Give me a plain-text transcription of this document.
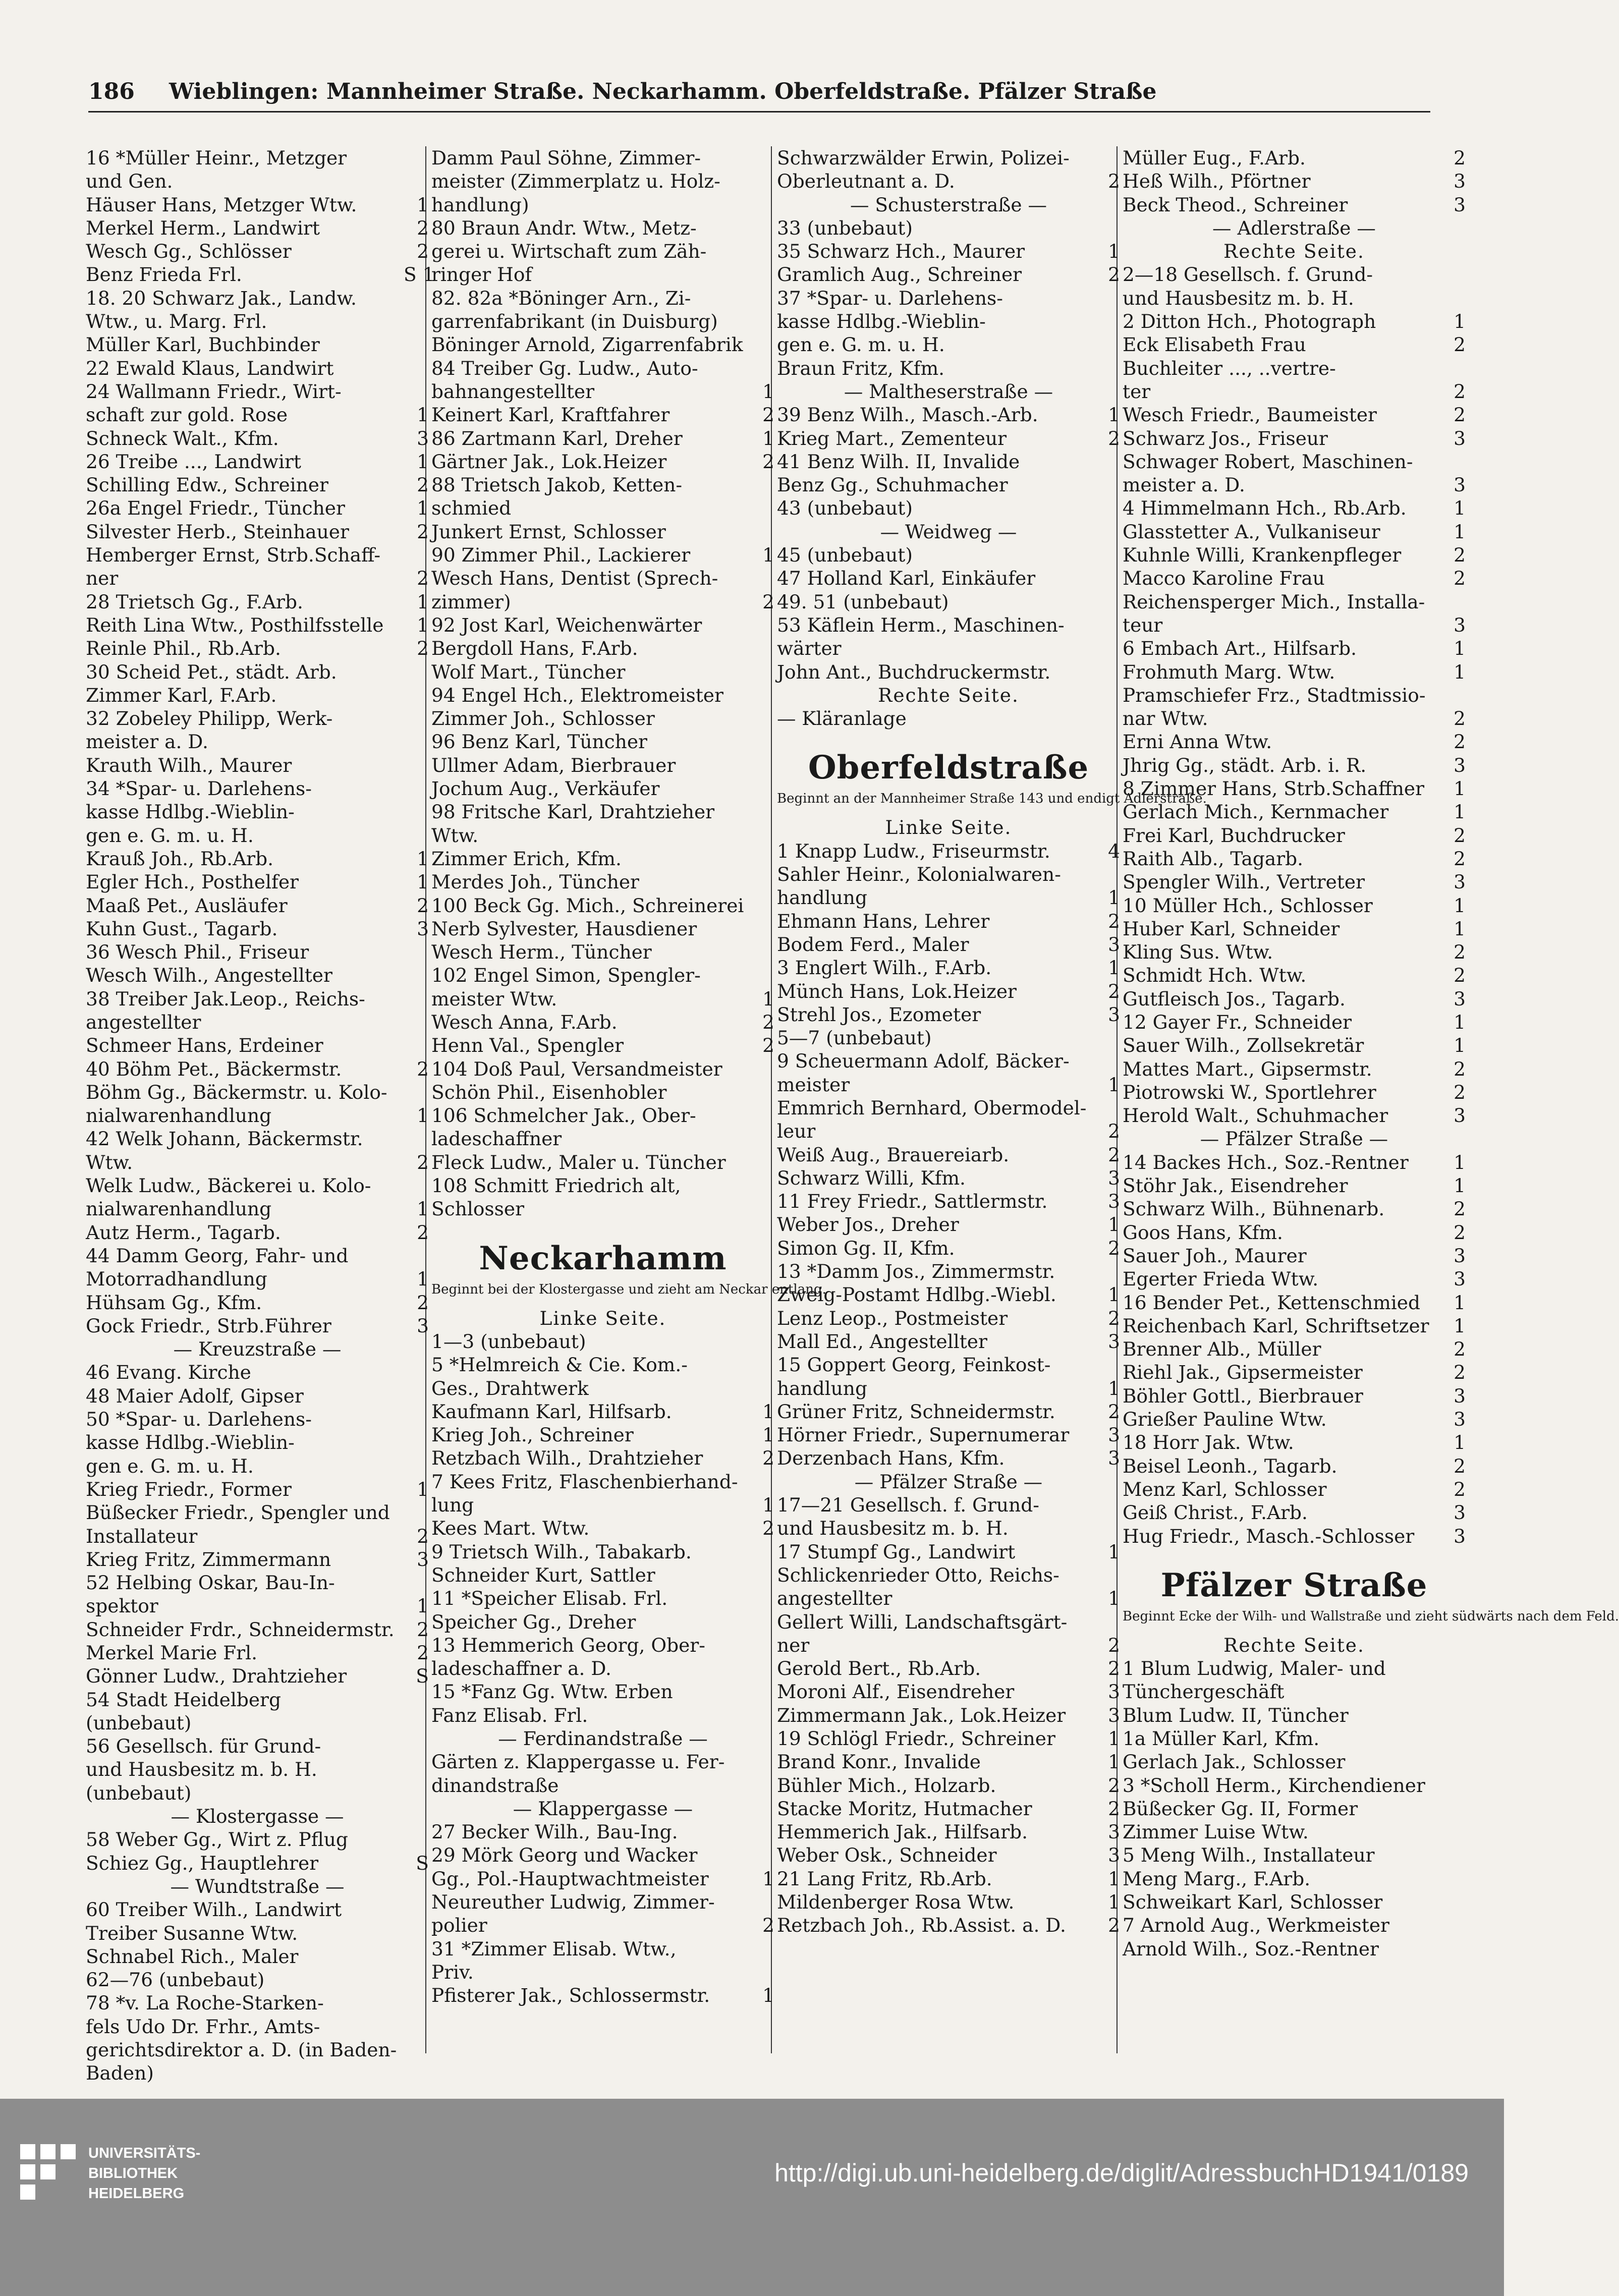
186 Wieblingen: Mannheimer Straße. Neckarhamm. Oberfeldstraße. Pfälzer Straße
16 *Müller Heinr., Metzger
und Gen.
Häuser Hans, Metzger Wtw.	1
Merkel Herm., Landwirt	2
Wesch Gg., Schlösser	2
Benz Frieda Frl.	S 1
18. 20 Schwarz Jak., Landw.
Wtw., u. Marg. Frl.
Müller Karl, Buchbinder
22 Ewald Klaus, Landwirt
24 Wallmann Friedr., Wirt-
schaft zur gold. Rose	1
Schneck Walt., Kfm.	3
26 Treibe ..., Landwirt	1
Schilling Edw., Schreiner	2
26a Engel Friedr., Tüncher	1
Silvester Herb., Steinhauer	2
Hemberger Ernst, Strb.Schaff-
ner	2
28 Trietsch Gg., F.Arb.	1
Reith Lina Wtw., Posthilfsstelle	1
Reinle Phil., Rb.Arb.	2
30 Scheid Pet., städt. Arb.
Zimmer Karl, F.Arb.
32 Zobeley Philipp, Werk-
meister a. D.
Krauth Wilh., Maurer
34 *Spar- u. Darlehens-
kasse Hdlbg.-Wieblin-
gen e. G. m. u. H.
Krauß Joh., Rb.Arb.	1
Egler Hch., Posthelfer	1
Maaß Pet., Ausläufer	2
Kuhn Gust., Tagarb.	3
36 Wesch Phil., Friseur
Wesch Wilh., Angestellter
38 Treiber Jak.Leop., Reichs-
angestellter
Schmeer Hans, Erdeiner
40 Böhm Pet., Bäckermstr.	2
Böhm Gg., Bäckermstr. u. Kolo-
nialwarenhandlung	1
42 Welk Johann, Bäckermstr.
Wtw.	2
Welk Ludw., Bäckerei u. Kolo-
nialwarenhandlung	1
Autz Herm., Tagarb.	2
44 Damm Georg, Fahr- und
Motorradhandlung	1
Hühsam Gg., Kfm.	2
Gock Friedr., Strb.Führer	3
— Kreuzstraße —
46 Evang. Kirche
48 Maier Adolf, Gipser
50 *Spar- u. Darlehens-
kasse Hdlbg.-Wieblin-
gen e. G. m. u. H.
Krieg Friedr., Former	1
Büßecker Friedr., Spengler und
Installateur	2
Krieg Fritz, Zimmermann	3
52 Helbing Oskar, Bau-In-
spektor	1
Schneider Frdr., Schneidermstr.	2
Merkel Marie Frl.	2
Gönner Ludw., Drahtzieher	S
54 Stadt Heidelberg
(unbebaut)
56 Gesellsch. für Grund-
und Hausbesitz m. b. H.
(unbebaut)
— Klostergasse —
58 Weber Gg., Wirt z. Pflug
Schiez Gg., Hauptlehrer	S
— Wundtstraße —
60 Treiber Wilh., Landwirt
Treiber Susanne Wtw.
Schnabel Rich., Maler
62—76 (unbebaut)
78 *v. La Roche-Starken-
fels Udo Dr. Frhr., Amts-
gerichtsdirektor a. D. (in Baden-
Baden)
Damm Paul Söhne, Zimmer-
meister (Zimmerplatz u. Holz-
handlung)
80 Braun Andr. Wtw., Metz-
gerei u. Wirtschaft zum Zäh-
ringer Hof
82. 82a *Böninger Arn., Zi-
garrenfabrikant (in Duisburg)
Böninger Arnold, Zigarrenfabrik
84 Treiber Gg. Ludw., Auto-
bahnangestellter	1
Keinert Karl, Kraftfahrer	2
86 Zartmann Karl, Dreher	1
Gärtner Jak., Lok.Heizer	2
88 Trietsch Jakob, Ketten-
schmied
Junkert Ernst, Schlosser
90 Zimmer Phil., Lackierer	1
Wesch Hans, Dentist (Sprech-
zimmer)	2
92 Jost Karl, Weichenwärter
Bergdoll Hans, F.Arb.
Wolf Mart., Tüncher
94 Engel Hch., Elektromeister
Zimmer Joh., Schlosser
96 Benz Karl, Tüncher
Ullmer Adam, Bierbrauer
Jochum Aug., Verkäufer
98 Fritsche Karl, Drahtzieher
Wtw.
Zimmer Erich, Kfm.
Merdes Joh., Tüncher
100 Beck Gg. Mich., Schreinerei
Nerb Sylvester, Hausdiener
Wesch Herm., Tüncher
102 Engel Simon, Spengler-
meister Wtw.	1
Wesch Anna, F.Arb.	2
Henn Val., Spengler	2
104 Doß Paul, Versandmeister
Schön Phil., Eisenhobler
106 Schmelcher Jak., Ober-
ladeschaffner
Fleck Ludw., Maler u. Tüncher
108 Schmitt Friedrich alt,
Schlosser
Neckarhamm
Beginnt bei der Klostergasse und zieht am Neckar entlang.
Linke Seite.
1—3 (unbebaut)
5 *Helmreich & Cie. Kom.-
Ges., Drahtwerk
Kaufmann Karl, Hilfsarb.	1
Krieg Joh., Schreiner	1
Retzbach Wilh., Drahtzieher	2
7 Kees Fritz, Flaschenbierhand-
lung	1
Kees Mart. Wtw.	2
9 Trietsch Wilh., Tabakarb.
Schneider Kurt, Sattler
11 *Speicher Elisab. Frl.
Speicher Gg., Dreher
13 Hemmerich Georg, Ober-
ladeschaffner a. D.
15 *Fanz Gg. Wtw. Erben
Fanz Elisab. Frl.
— Ferdinandstraße —
Gärten z. Klappergasse u. Fer-
dinandstraße
— Klappergasse —
27 Becker Wilh., Bau-Ing.
29 Mörk Georg und Wacker
Gg., Pol.-Hauptwachtmeister	1
Neureuther Ludwig, Zimmer-
polier	2
31 *Zimmer Elisab. Wtw.,
Priv.
Pfisterer Jak., Schlossermstr.	1
Schwarzwälder Erwin, Polizei-
Oberleutnant a. D.	2
— Schusterstraße —
33 (unbebaut)
35 Schwarz Hch., Maurer	1
Gramlich Aug., Schreiner	2
37 *Spar- u. Darlehens-
kasse Hdlbg.-Wieblin-
gen e. G. m. u. H.
Braun Fritz, Kfm.
— Maltheserstraße —
39 Benz Wilh., Masch.-Arb.	1
Krieg Mart., Zementeur	2
41 Benz Wilh. II, Invalide
Benz Gg., Schuhmacher
43 (unbebaut)
— Weidweg —
45 (unbebaut)
47 Holland Karl, Einkäufer
49. 51 (unbebaut)
53 Käflein Herm., Maschinen-
wärter
John Ant., Buchdruckermstr.
Rechte Seite.
— Kläranlage
Oberfeldstraße
Beginnt an der Mannheimer Straße 143 und endigt Adlerstraße.
Linke Seite.
1 Knapp Ludw., Friseurmstr.	4
Sahler Heinr., Kolonialwaren-
handlung	1
Ehmann Hans, Lehrer	2
Bodem Ferd., Maler	3
3 Englert Wilh., F.Arb.	1
Münch Hans, Lok.Heizer	2
Strehl Jos., Ezometer	3
5—7 (unbebaut)
9 Scheuermann Adolf, Bäcker-
meister	1
Emmrich Bernhard, Obermodel-
leur	2
Weiß Aug., Brauereiarb.	2
Schwarz Willi, Kfm.	3
11 Frey Friedr., Sattlermstr.	3
Weber Jos., Dreher	1
Simon Gg. II, Kfm.	2
13 *Damm Jos., Zimmermstr.
Zweig-Postamt Hdlbg.-Wiebl.	1
Lenz Leop., Postmeister	2
Mall Ed., Angestellter	3
15 Goppert Georg, Feinkost-
handlung	1
Grüner Fritz, Schneidermstr.	2
Hörner Friedr., Supernumerar	3
Derzenbach Hans, Kfm.	3
— Pfälzer Straße —
17—21 Gesellsch. f. Grund-
und Hausbesitz m. b. H.
17 Stumpf Gg., Landwirt	1
Schlickenrieder Otto, Reichs-
angestellter	1
Gellert Willi, Landschaftsgärt-
ner	2
Gerold Bert., Rb.Arb.	2
Moroni Alf., Eisendreher	3
Zimmermann Jak., Lok.Heizer	3
19 Schlögl Friedr., Schreiner	1
Brand Konr., Invalide	1
Bühler Mich., Holzarb.	2
Stacke Moritz, Hutmacher	2
Hemmerich Jak., Hilfsarb.	3
Weber Osk., Schneider	3
21 Lang Fritz, Rb.Arb.	1
Mildenberger Rosa Wtw.	1
Retzbach Joh., Rb.Assist. a. D.	2
Müller Eug., F.Arb.	2
Heß Wilh., Pförtner	3
Beck Theod., Schreiner	3
— Adlerstraße —
Rechte Seite.
2—18 Gesellsch. f. Grund-
und Hausbesitz m. b. H.
2 Ditton Hch., Photograph	1
Eck Elisabeth Frau	2
Buchleiter ..., ..vertre-
ter	2
Wesch Friedr., Baumeister	2
Schwarz Jos., Friseur	3
Schwager Robert, Maschinen-
meister a. D.	3
4 Himmelmann Hch., Rb.Arb.	1
Glasstetter A., Vulkaniseur	1
Kuhnle Willi, Krankenpfleger	2
Macco Karoline Frau	2
Reichensperger Mich., Installa-
teur	3
6 Embach Art., Hilfsarb.	1
Frohmuth Marg. Wtw.	1
Pramschiefer Frz., Stadtmissio-
nar Wtw.	2
Erni Anna Wtw.	2
Jhrig Gg., städt. Arb. i. R.	3
8 Zimmer Hans, Strb.Schaffner	1
Gerlach Mich., Kernmacher	1
Frei Karl, Buchdrucker	2
Raith Alb., Tagarb.	2
Spengler Wilh., Vertreter	3
10 Müller Hch., Schlosser	1
Huber Karl, Schneider	1
Kling Sus. Wtw.	2
Schmidt Hch. Wtw.	2
Gutfleisch Jos., Tagarb.	3
12 Gayer Fr., Schneider	1
Sauer Wilh., Zollsekretär	1
Mattes Mart., Gipsermstr.	2
Piotrowski W., Sportlehrer	2
Herold Walt., Schuhmacher	3
— Pfälzer Straße —
14 Backes Hch., Soz.-Rentner	1
Stöhr Jak., Eisendreher	1
Schwarz Wilh., Bühnenarb.	2
Goos Hans, Kfm.	2
Sauer Joh., Maurer	3
Egerter Frieda Wtw.	3
16 Bender Pet., Kettenschmied	1
Reichenbach Karl, Schriftsetzer	1
Brenner Alb., Müller	2
Riehl Jak., Gipsermeister	2
Böhler Gottl., Bierbrauer	3
Grießer Pauline Wtw.	3
18 Horr Jak. Wtw.	1
Beisel Leonh., Tagarb.	2
Menz Karl, Schlosser	2
Geiß Christ., F.Arb.	3
Hug Friedr., Masch.-Schlosser	3
Pfälzer Straße
Beginnt Ecke der Wilh- und Wallstraße und zieht südwärts nach dem Feld.
Rechte Seite.
1 Blum Ludwig, Maler- und
Tünchergeschäft
Blum Ludw. II, Tüncher
1a Müller Karl, Kfm.
Gerlach Jak., Schlosser
3 *Scholl Herm., Kirchendiener
Büßecker Gg. II, Former
Zimmer Luise Wtw.
5 Meng Wilh., Installateur
Meng Marg., F.Arb.
Schweikart Karl, Schlosser
7 Arnold Aug., Werkmeister
Arnold Wilh., Soz.-Rentner
UNIVERSITÄTS-
BIBLIOTHEK
HEIDELBERG
http://digi.ub.uni-heidelberg.de/diglit/AdressbuchHD1941/0189
